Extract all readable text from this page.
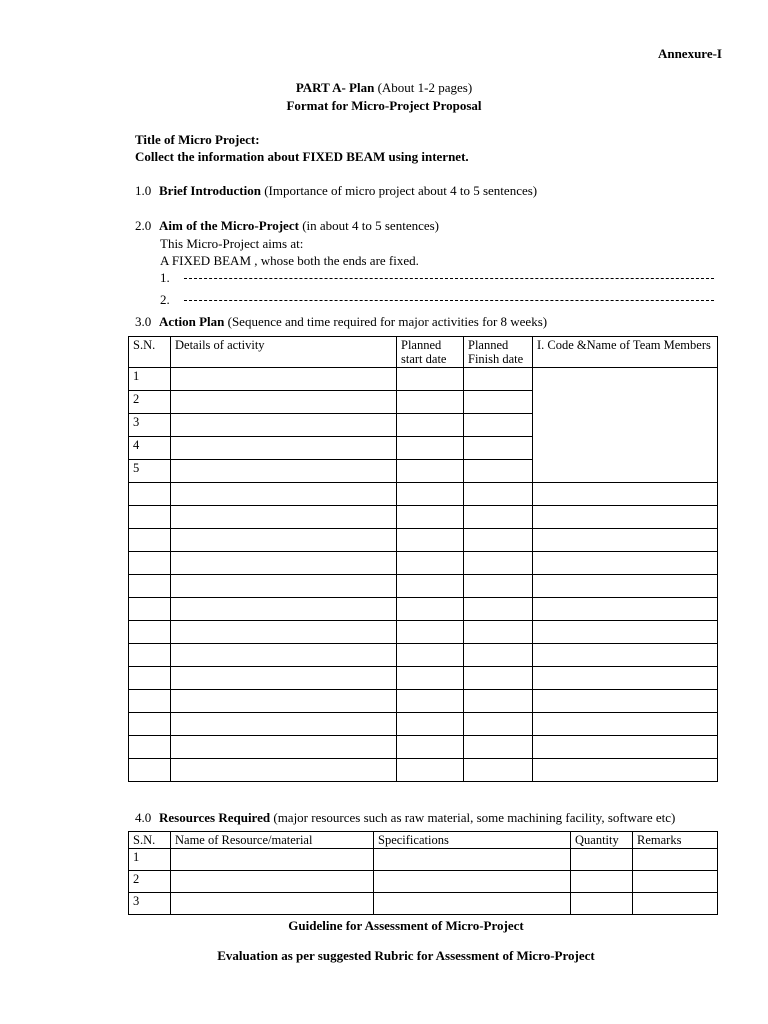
Annexure-I
PART A- Plan (About 1-2 pages)
Format for Micro-Project Proposal
Title of Micro Project:
Collect the information about FIXED BEAM using internet.
1.0 Brief Introduction (Importance of micro project about 4 to 5 sentences)
2.0 Aim of the Micro-Project (in about 4 to 5 sentences)
This Micro-Project aims at:
A FIXED BEAM , whose both the ends are fixed.
1.
2.
3.0 Action Plan (Sequence and time required for major activities for 8 weeks)
S.N.	Details of activity	Planned start date	Planned Finish date	I. Code &Name of Team Members
1				
2				
3				
4				
5				

4.0 Resources Required (major resources such as raw material, some machining facility, software etc)
S.N.	Name of Resource/material	Specifications	Quantity	Remarks
1				
2				
3				
Guideline for Assessment of Micro-Project
Evaluation as per suggested Rubric for Assessment of Micro-Project
